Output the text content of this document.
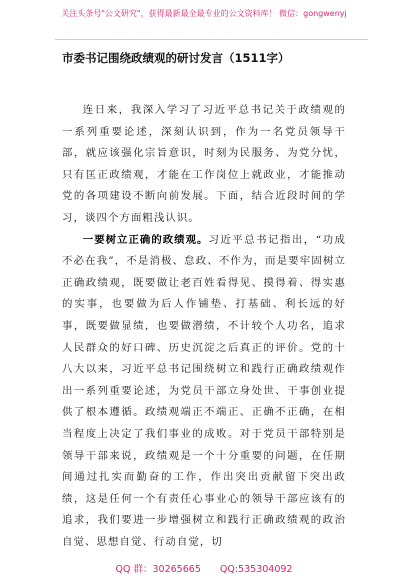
关注头条号"公文研究"，获得最新最全最专业的公文资料库！ 微信：gongwenyj
市委书记围绕政绩观的研讨发言（1511字）

连日来，我深入学习了习近平总书记关于政绩观的一系列重要论述，深刻认识到，作为一名党员领导干部，就应该强化宗旨意识，时刻为民服务、为党分忧，只有匡正政绩观，才能在工作岗位上就政业，才能推动党的各项建设不断向前发展。下面，结合近段时间的学习，谈四个方面粗浅认识。

一要树立正确的政绩观。习近平总书记指出，“功成不必在我”，不是消极、怠政、不作为，而是要牢固树立正确政绩观，既要做让老百姓看得见、摸得着、得实惠的实事，也要做为后人作铺垫、打基础、利长远的好事，既要做显绩，也要做潜绩，不计较个人功名，追求人民群众的好口碑、历史沉淀之后真正的评价。党的十八大以来，习近平总书记围绕树立和践行正确政绩观作出一系列重要论述，为党员干部立身处世、干事创业提供了根本遵循。政绩观端正不端正、正确不正确，在相当程度上决定了我们事业的成败。对于党员干部特别是领导干部来说，政绩观是一个十分重要的问题，在任期间通过扎实而勤奋的工作，作出突出贡献留下突出政绩，这是任何一个有责任心事业心的领导干部应该有的追求，我们要进一步增强树立和践行正确政绩观的政治自觉、思想自觉、行动自觉，切

QQ 群：30265665 QQ:535304092
